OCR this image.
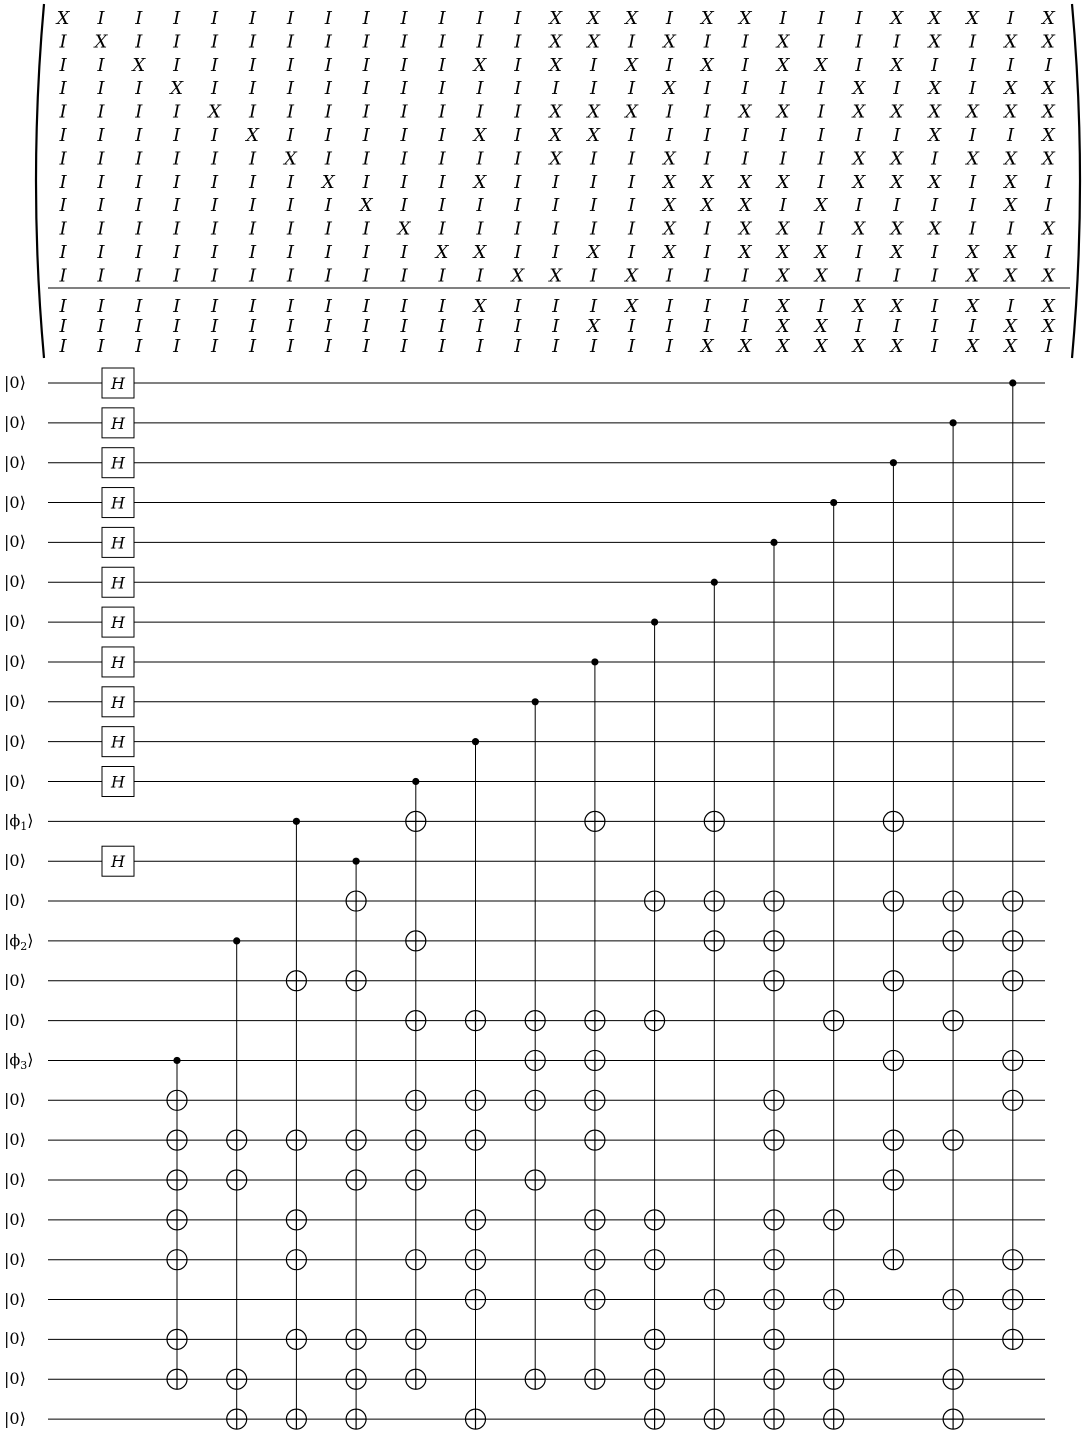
X I I I I I I I I I I I I X X X I X X I I I X X X I X
I X I I I I I I I I I I I X X I X I I X I I I X I X X
I I X I I I I I I I I X I X I X I X I X X I X I I I I
I I I X I I I I I I I I I I I I X I I I I X I X I X X
I I I I X I I I I I I I I X X X I I X X I X X X X X X
I I I I I X I I I I I X I X X I I I I I I I I X I I X
I I I I I I X I I I I I I X I I X I I I I X X I X X X
I I I I I I I X I I I X I I I I X X X X I X X X I X I
I I I I I I I I X I I I I I I I X X X I X I I I I X I
I I I I I I I I I X I I I I I I X I X X I X X X I I X
I I I I I I I I I I X X I I X I X I X X X I X I X X I
I I I I I I I I I I I I X X I X I I I X X I I I X X X
I I I I I I I I I I I X I I I X I I I X I X X I X I X
I I I I I I I I I I I I I I X I I I I X X I I I I X X
I I I I I I I I I I I I I I I I I X X X X X X I X X I
H
H
H
H
H
H
H
H
H
H
H
H
|0⟩
|0⟩
|0⟩
|0⟩
|0⟩
|0⟩
|0⟩
|0⟩
|0⟩
|0⟩
|0⟩
$|\phi_1⟩$
|0⟩
|0⟩
$|\phi_2⟩$
|0⟩
|0⟩
$|\phi_3⟩$
|0⟩
|0⟩
|0⟩
|0⟩
|0⟩
|0⟩
|0⟩
|0⟩
|0⟩
